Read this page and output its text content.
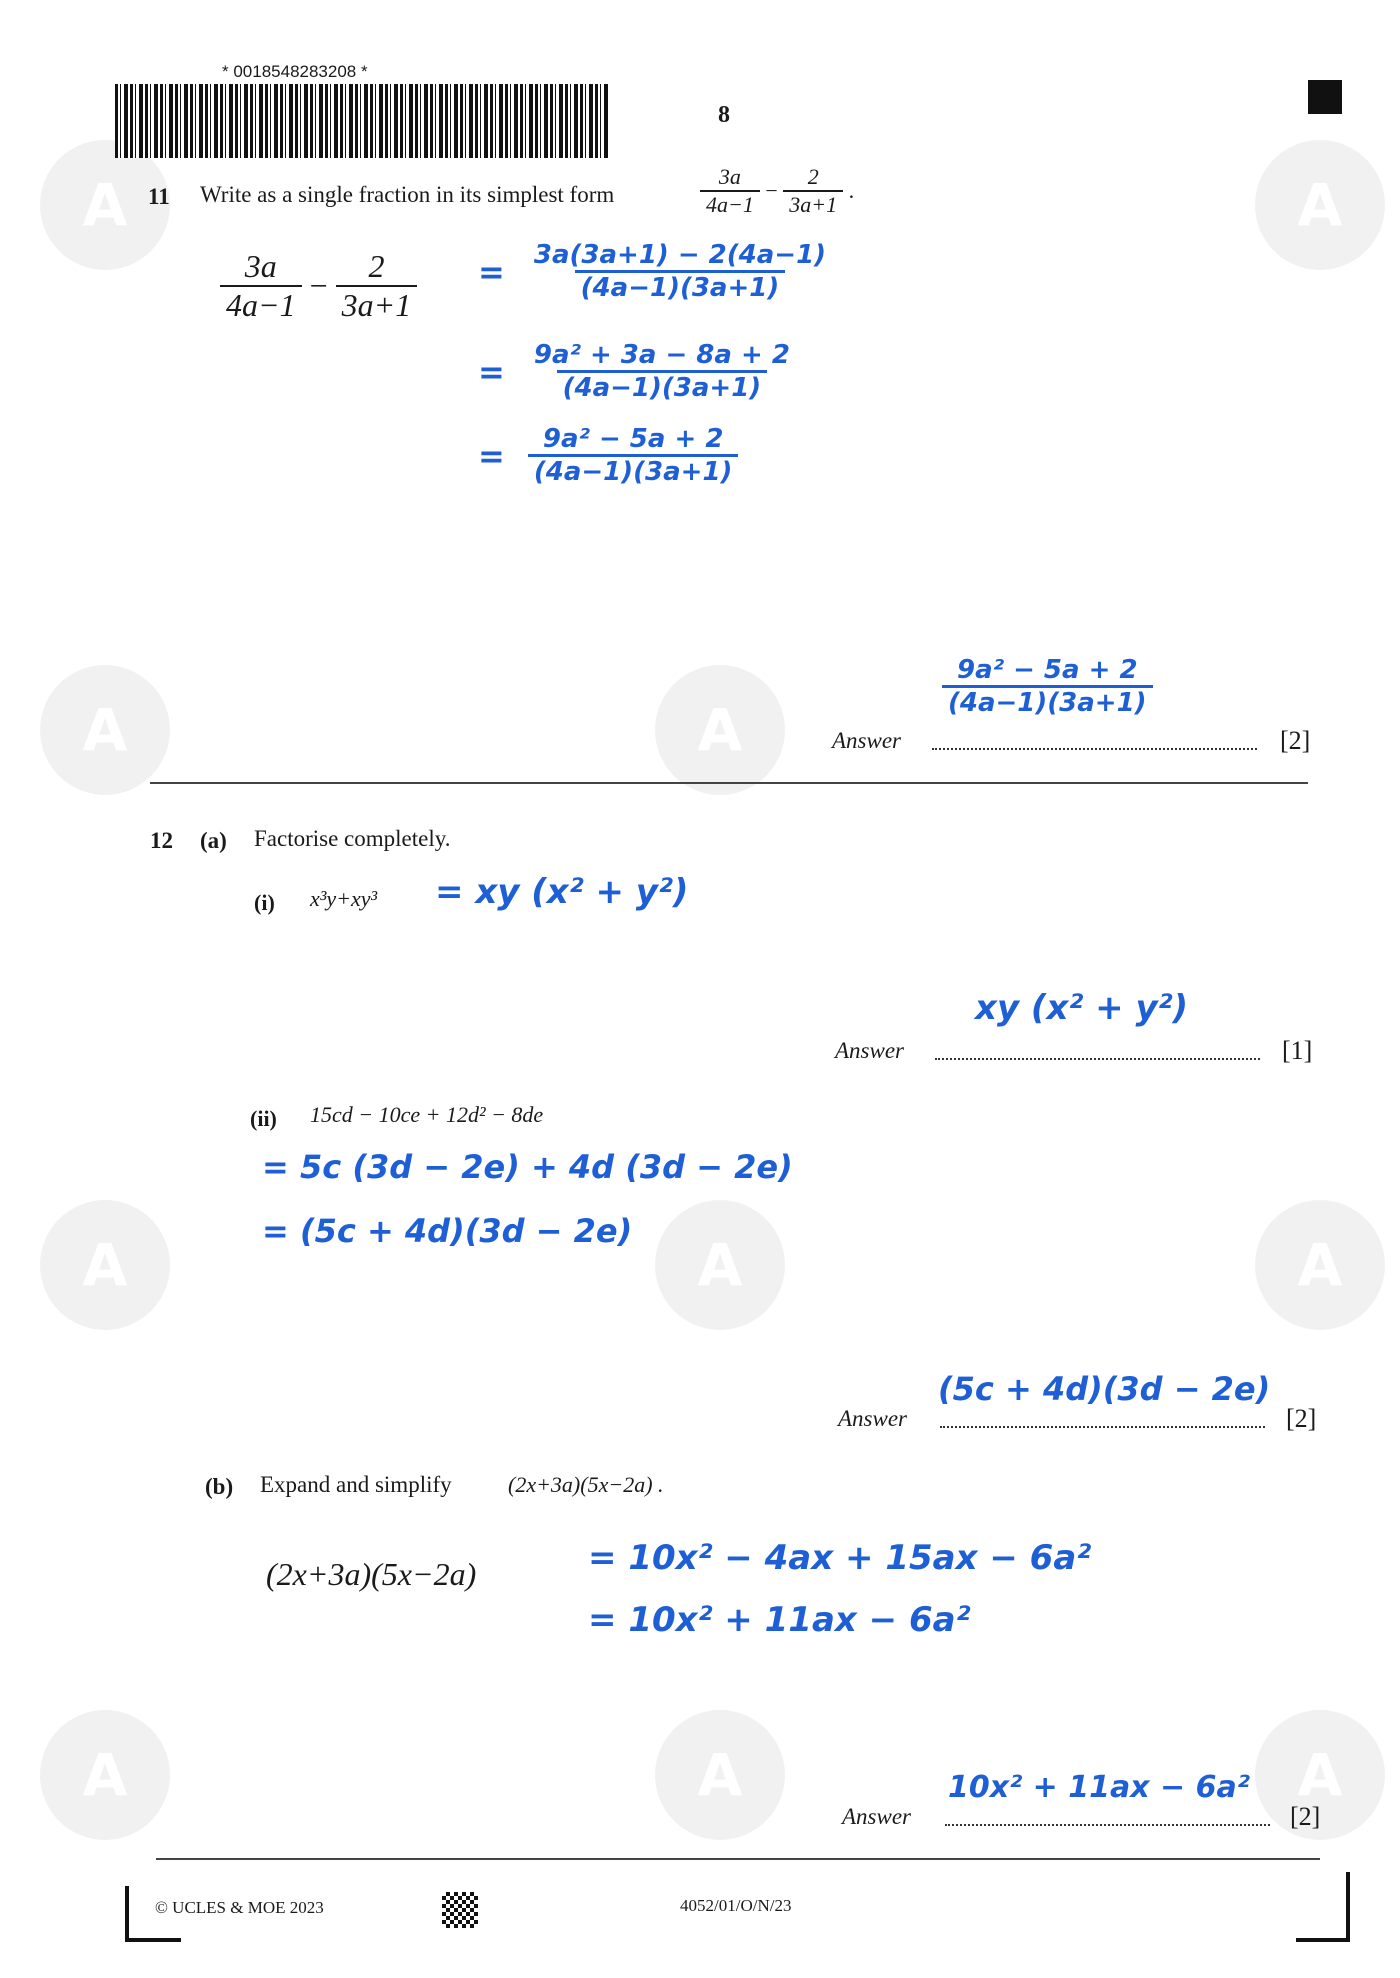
A	A
A	A
A	A	A
A	A	A
* 0018548283208 *
8
11 Write as a single fraction in its simplest form	$\frac{3a}{4a-1} - \frac{2}{3a+1}$ .
$\frac{3a}{4a-1} - \frac{2}{3a+1} = \frac{3a(3a+1) - 2(4a-1)}{(4a-1)(3a+1)}$
= $\frac{\text{9a² + 3a − 8a + 2}}{(4a-1)(3a+1)}$
= $\frac{\text{9a² − 5a + 2}}{(4a-1)(3a+1)}$
$\frac{\text{9a² − 5a + 2}}{(4a-1)(3a+1)}$
Answer	[2]
12 (a) Factorise completely.
(i) x³y+xy³ = xy (x² + y²)
xy (x² + y²)
Answer	[1]
(ii) 15cd − 10ce + 12d² − 8de
= 5c (3d − 2e) + 4d (3d − 2e)
= (5c + 4d)(3d − 2e)
(5c + 4d)(3d − 2e)
Answer	[2]
(b) Expand and simplify	(2x+3a)(5x−2a) .
(2x+3a)(5x−2a)	= 10x² − 4ax + 15ax − 6a²
= 10x² + 11ax − 6a²
10x² + 11ax − 6a²
Answer	[2]
© UCLES & MOE 2023	4052/01/O/N/23
